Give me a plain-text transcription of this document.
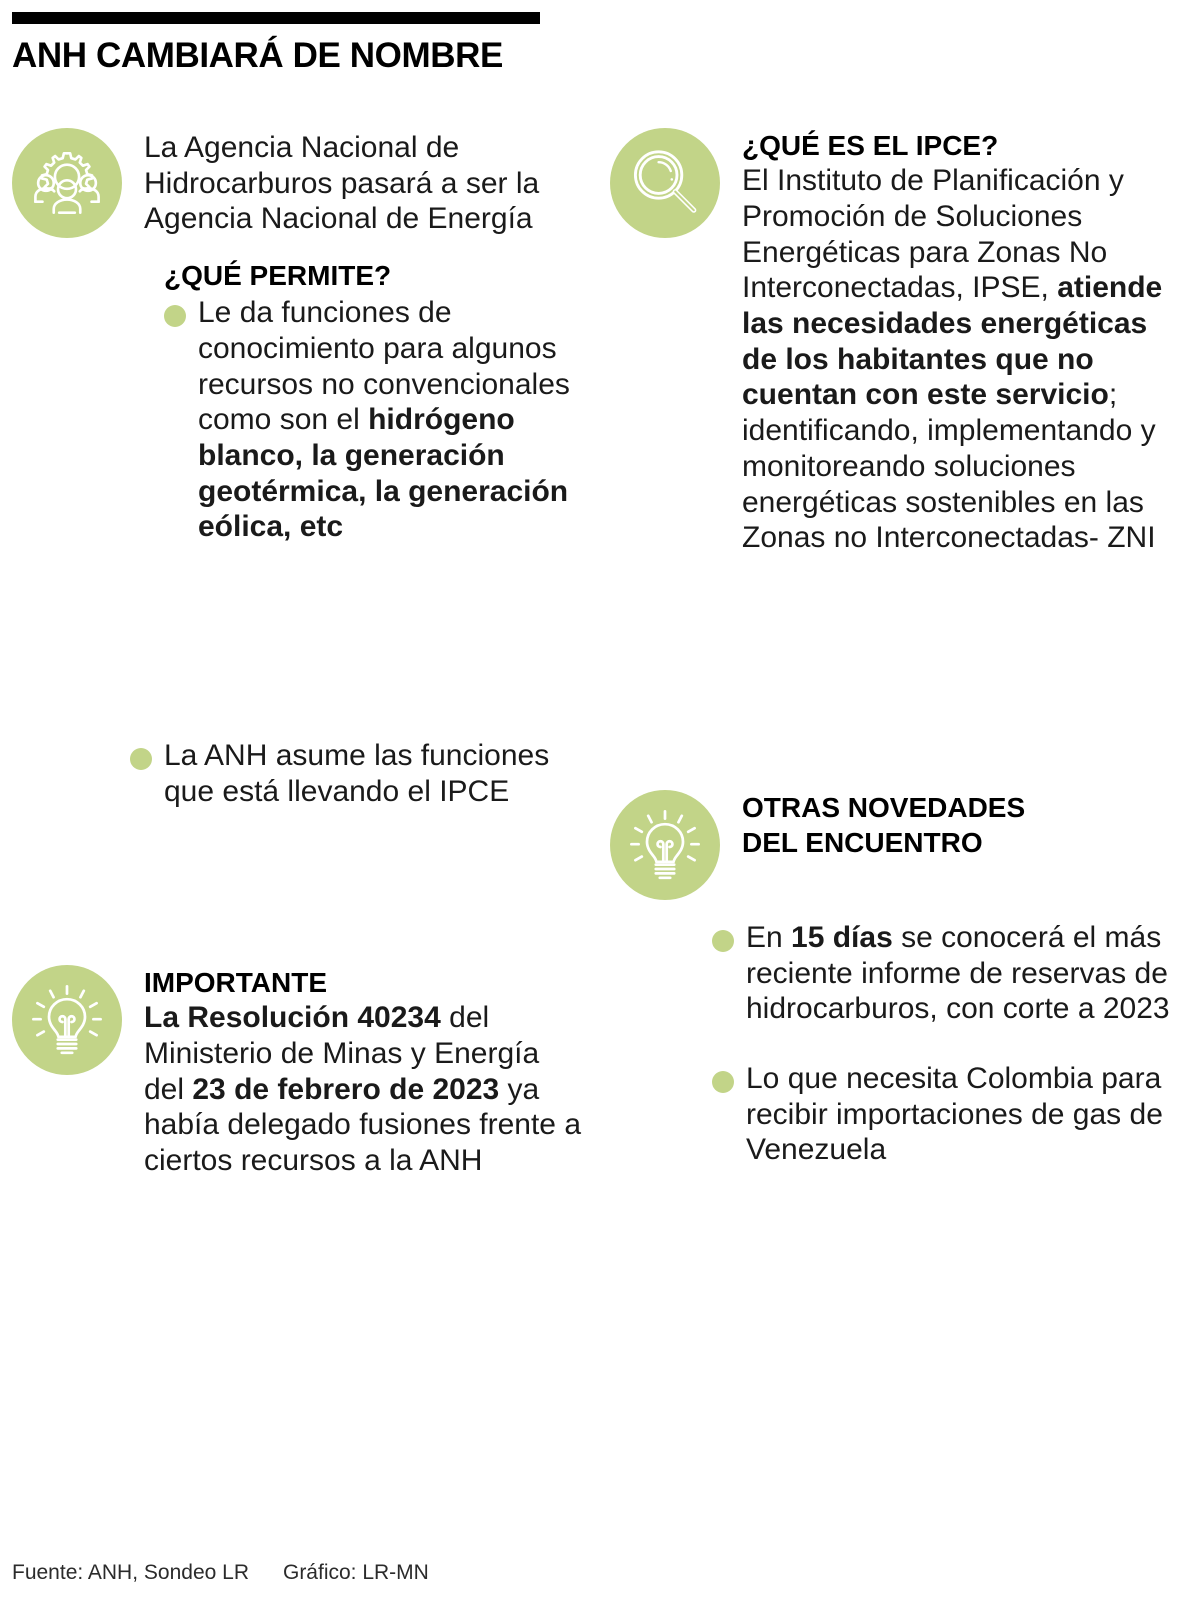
ANH CAMBIARÁ DE NOMBRE

La Agencia Nacional de Hidrocarburos pasará a ser la Agencia Nacional de Energía

¿QUÉ PERMITE?
Le da funciones de conocimiento para algunos recursos no convencionales como son el hidrógeno blanco, la generación geotérmica, la generación eólica, etc
La ANH asume las funciones que está llevando el IPCE
IMPORTANTE

La Resolución 40234 del Ministerio de Minas y Energía del 23 de febrero de 2023 ya había delegado fusiones frente a ciertos recursos a la ANH

¿QUÉ ES EL IPCE?

El Instituto de Planificación y Promoción de Soluciones Energéticas para Zonas No Interconectadas, IPSE, atiende las necesidades energéticas de los habitantes que no cuentan con este servicio; identificando, implementando y monitoreando soluciones energéticas sostenibles en las Zonas no Interconectadas- ZNI

OTRAS NOVEDADES
DEL ENCUENTRO
En 15 días se conocerá el más reciente informe de reservas de hidrocarburos, con corte a 2023
Lo que necesita Colombia para recibir importaciones de gas de Venezuela
Fuente: ANH, Sondeo LR Gráfico: LR-MN
